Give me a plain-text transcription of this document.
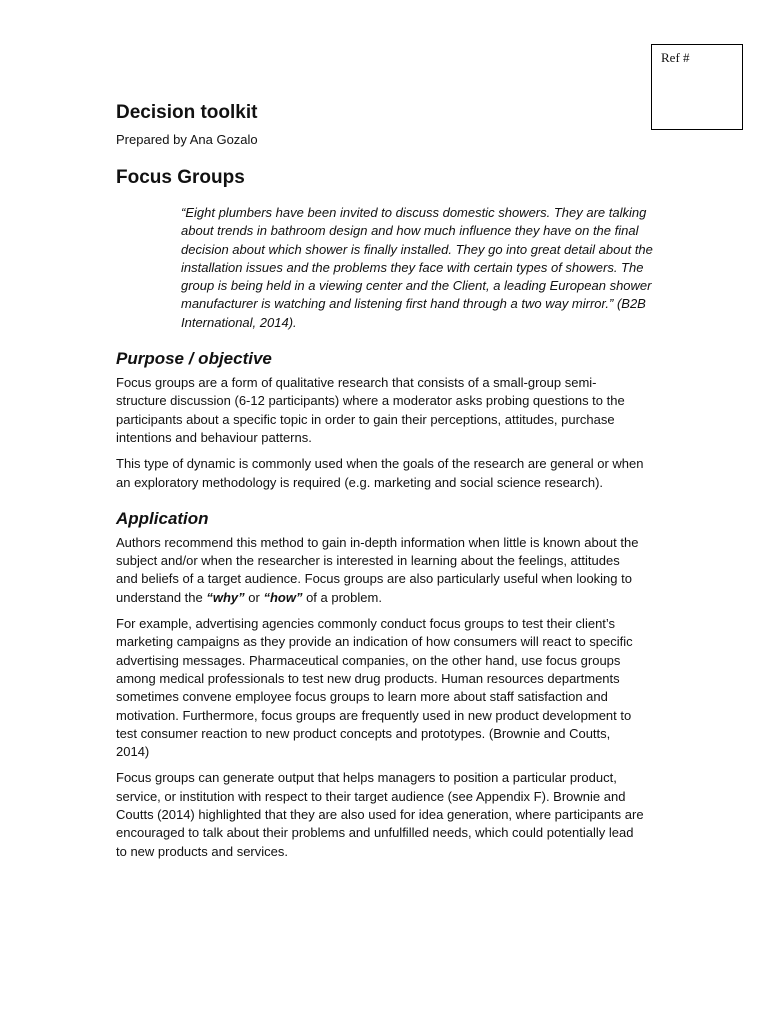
Ref #
Decision toolkit

Prepared by Ana Gozalo

Focus Groups

“Eight plumbers have been invited to discuss domestic showers. They are talking about trends in bathroom design and how much influence they have on the final decision about which shower is finally installed. They go into great detail about the installation issues and the problems they face with certain types of showers. The group is being held in a viewing center and the Client, a leading European shower manufacturer is watching and listening first hand through a two way mirror.” (B2B International, 2014).

Purpose / objective

Focus groups are a form of qualitative research that consists of a small-group semi-structure discussion (6-12 participants) where a moderator asks probing questions to the participants about a specific topic in order to gain their perceptions, attitudes, purchase intentions and behaviour patterns.

This type of dynamic is commonly used when the goals of the research are general or when an exploratory methodology is required (e.g. marketing and social science research).

Application

Authors recommend this method to gain in-depth information when little is known about the subject and/or when the researcher is interested in learning about the feelings, attitudes and beliefs of a target audience. Focus groups are also particularly useful when looking to understand the “why” or “how” of a problem.

For example, advertising agencies commonly conduct focus groups to test their client’s marketing campaigns as they provide an indication of how consumers will react to specific advertising messages. Pharmaceutical companies, on the other hand, use focus groups among medical professionals to test new drug products. Human resources departments sometimes convene employee focus groups to learn more about staff satisfaction and motivation. Furthermore, focus groups are frequently used in new product development to test consumer reaction to new product concepts and prototypes. (Brownie and Coutts, 2014)

Focus groups can generate output that helps managers to position a particular product, service, or institution with respect to their target audience (see Appendix F). Brownie and Coutts (2014) highlighted that they are also used for idea generation, where participants are encouraged to talk about their problems and unfulfilled needs, which could potentially lead to new products and services.
